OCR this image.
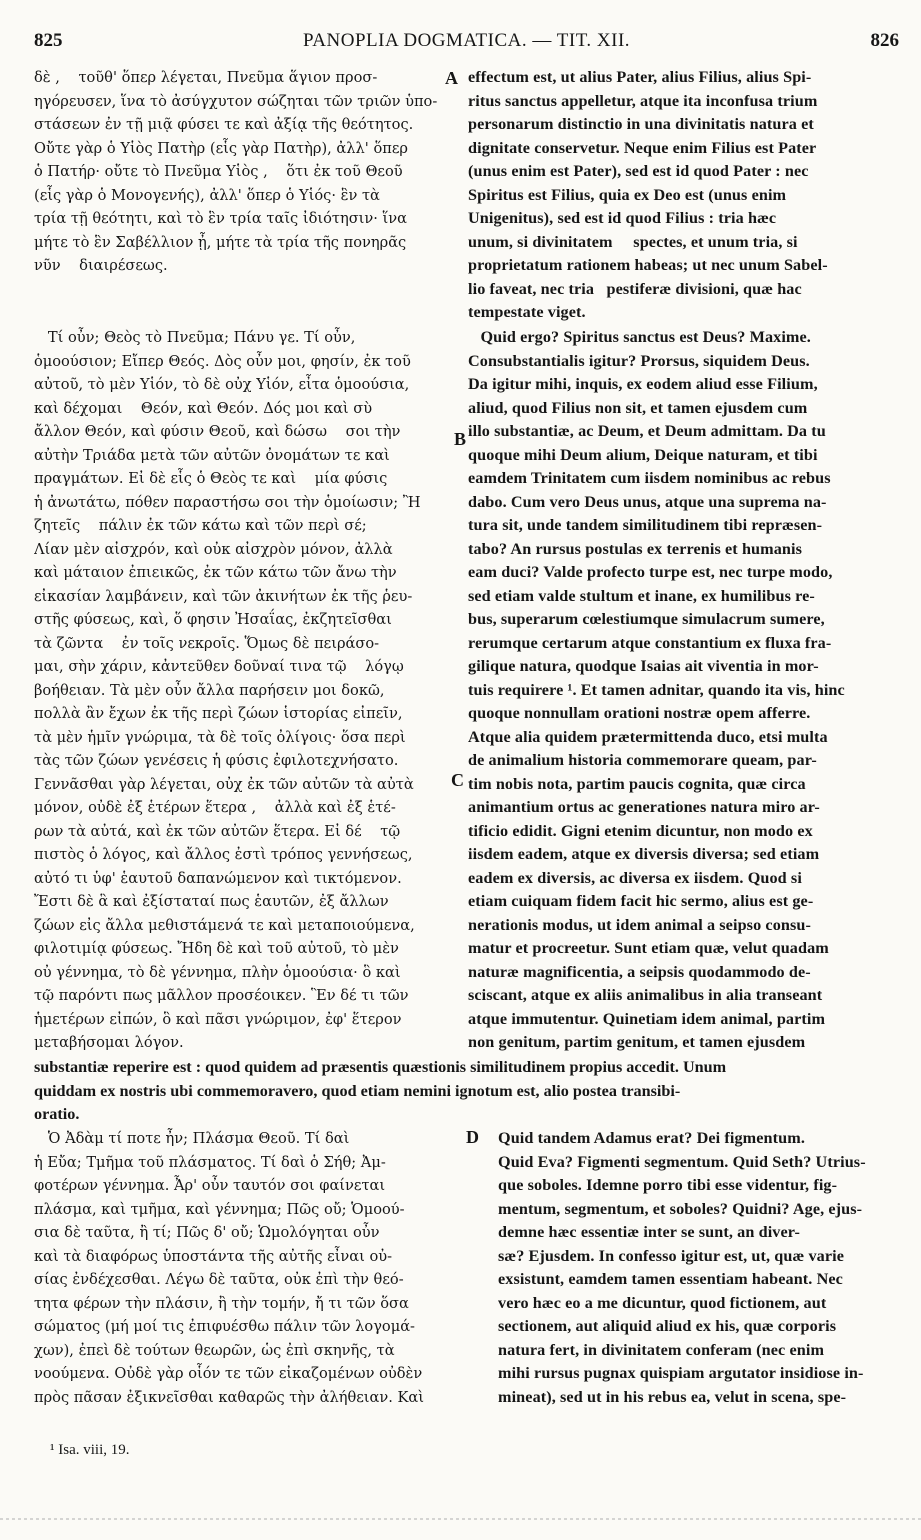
825	PANOPLIA DOGMATICA. — TIT. XII.	826
δὲ ,    τοῦθ' ὅπερ λέγεται, Πνεῦμα ἅγιον προσ-
ηγόρευσεν, ἵνα τὸ ἀσύγχυτον σώζηται τῶν τριῶν ὑπο-
στάσεων ἐν τῇ μιᾷ φύσει τε καὶ ἀξίᾳ τῆς θεότητος.
Οὔτε γὰρ ὁ Υἱὸς Πατὴρ (εἷς γὰρ Πατὴρ), ἀλλ' ὅπερ
ὁ Πατήρ· οὔτε τὸ Πνεῦμα Υἱὸς ,    ὅτι ἐκ τοῦ Θεοῦ
(εἷς γὰρ ὁ Μονογενής), ἀλλ' ὅπερ ὁ Υἱός· ἓν τὰ
τρία τῇ θεότητι, καὶ τὸ ἓν τρία ταῖς ἰδιότησιν· ἵνα
μήτε τὸ ἓν Σαβέλλιον ᾖ, μήτε τὰ τρία τῆς πονηρᾶς
νῦν    διαιρέσεως.
effectum est, ut alius Pater, alius Filius, alius Spi-
ritus sanctus appelletur, atque ita inconfusa trium
personarum distinctio in una divinitatis natura et
dignitate conservetur. Neque enim Filius est Pater
(unus enim est Pater), sed est id quod Pater : nec
Spiritus est Filius, quia ex Deo est (unus enim
Unigenitus), sed est id quod Filius : tria hæc
unum, si divinitatem     spectes, et unum tria, si
proprietatum rationem habeas; ut nec unum Sabel-
lio faveat, nec tria   pestiferæ divisioni, quæ hac
tempestate viget.
A
Τί οὖν; Θεὸς τὸ Πνεῦμα; Πάνυ γε. Τί οὖν,
ὁμοούσιον; Εἴπερ Θεός. Δὸς οὖν μοι, φησίν, ἐκ τοῦ
αὐτοῦ, τὸ μὲν Υἱόν, τὸ δὲ οὐχ Υἱόν, εἶτα ὁμοούσια,
καὶ δέχομαι    Θεόν, καὶ Θεόν. Δός μοι καὶ σὺ
ἄλλον Θεόν, καὶ φύσιν Θεοῦ, καὶ δώσω    σοι τὴν
αὐτὴν Τριάδα μετὰ τῶν αὐτῶν ὀνομάτων τε καὶ
πραγμάτων. Εἰ δὲ εἷς ὁ Θεὸς τε καὶ    μία φύσις
ἡ ἀνωτάτω, πόθεν παραστήσω σοι τὴν ὁμοίωσιν; Ἢ
ζητεῖς    πάλιν ἐκ τῶν κάτω καὶ τῶν περὶ σέ;
Λίαν μὲν αἰσχρόν, καὶ οὐκ αἰσχρὸν μόνον, ἀλλὰ
καὶ μάταιον ἐπιεικῶς, ἐκ τῶν κάτω τῶν ἄνω τὴν
εἰκασίαν λαμβάνειν, καὶ τῶν ἀκινήτων ἐκ τῆς ῥευ-
στῆς φύσεως, καὶ, ὅ φησιν Ἠσαΐας, ἐκζητεῖσθαι
τὰ ζῶντα    ἐν τοῖς νεκροῖς. Ὅμως δὲ πειράσο-
μαι, σὴν χάριν, κἀντεῦθεν δοῦναί τινα τῷ    λόγῳ
βοήθειαν. Τὰ μὲν οὖν ἄλλα παρήσειν μοι δοκῶ,
πολλὰ ἂν ἔχων ἐκ τῆς περὶ ζώων ἱστορίας εἰπεῖν,
τὰ μὲν ἡμῖν γνώριμα, τὰ δὲ τοῖς ὀλίγοις· ὅσα περὶ
τὰς τῶν ζώων γενέσεις ἡ φύσις ἐφιλοτεχνήσατο.
Γεννᾶσθαι γὰρ λέγεται, οὐχ ἐκ τῶν αὐτῶν τὰ αὐτὰ
μόνον, οὐδὲ ἐξ ἑτέρων ἕτερα ,    ἀλλὰ καὶ ἐξ ἑτέ-
ρων τὰ αὐτά, καὶ ἐκ τῶν αὐτῶν ἕτερα. Εἰ δέ    τῷ
πιστὸς ὁ λόγος, καὶ ἄλλος ἐστὶ τρόπος γεννήσεως,
αὐτό τι ὑφ' ἑαυτοῦ δαπανώμενον καὶ τικτόμενον.
Ἔστι δὲ ἃ καὶ ἐξίσταταί πως ἑαυτῶν, ἐξ ἄλλων
ζώων εἰς ἄλλα μεθιστάμενά τε καὶ μεταποιούμενα,
φιλοτιμίᾳ φύσεως. Ἤδη δὲ καὶ τοῦ αὐτοῦ, τὸ μὲν
οὐ γέννημα, τὸ δὲ γέννημα, πλὴν ὁμοούσια· ὃ καὶ
τῷ παρόντι πως μᾶλλον προσέοικεν. Ἓν δέ τι τῶν
ἡμετέρων εἰπών, ὃ καὶ πᾶσι γνώριμον, ἐφ' ἕτερον
μεταβήσομαι λόγον.
Quid ergo? Spiritus sanctus est Deus? Maxime.
Consubstantialis igitur? Prorsus, siquidem Deus.
Da igitur mihi, inquis, ex eodem aliud esse Filium,
aliud, quod Filius non sit, et tamen ejusdem cum
illo substantiæ, ac Deum, et Deum admittam. Da tu
quoque mihi Deum alium, Deique naturam, et tibi
eamdem Trinitatem cum iisdem nominibus ac rebus
dabo. Cum vero Deus unus, atque una suprema na-
tura sit, unde tandem similitudinem tibi repræsen-
tabo? An rursus postulas ex terrenis et humanis
eam duci? Valde profecto turpe est, nec turpe modo,
sed etiam valde stultum et inane, ex humilibus re-
bus, superarum cœlestiumque simulacrum sumere,
rerumque certarum atque constantium ex fluxa fra-
gilique natura, quodque Isaias ait viventia in mor-
tuis requirere ¹. Et tamen adnitar, quando ita vis, hinc
quoque nonnullam orationi nostræ opem afferre.
Atque alia quidem prætermittenda duco, etsi multa
de animalium historia commemorare queam, par-
tim nobis nota, partim paucis cognita, quæ circa
animantium ortus ac generationes natura miro ar-
tificio edidit. Gigni etenim dicuntur, non modo ex
iisdem eadem, atque ex diversis diversa; sed etiam
eadem ex diversis, ac diversa ex iisdem. Quod si
etiam cuiquam fidem facit hic sermo, alius est ge-
nerationis modus, ut idem animal a seipso consu-
matur et procreetur. Sunt etiam quæ, velut quadam
naturæ magnificentia, a seipsis quodammodo de-
sciscant, atque ex aliis animalibus in alia transeant
atque immutentur. Quinetiam idem animal, partim
non genitum, partim genitum, et tamen ejusdem
B
C
substantiæ reperire est : quod quidem ad præsentis quæstionis similitudinem propius accedit. Unum
quiddam ex nostris ubi commemoravero, quod etiam nemini ignotum est, alio postea transibi-
oratio.
Ὁ Ἀδὰμ τί ποτε ἦν; Πλάσμα Θεοῦ. Τί δαὶ
ἡ Εὔα; Τμῆμα τοῦ πλάσματος. Τί δαὶ ὁ Σήθ; Ἀμ-
φοτέρων γέννημα. Ἆρ' οὖν ταυτόν σοι φαίνεται
πλάσμα, καὶ τμῆμα, καὶ γέννημα; Πῶς οὔ; Ὁμοού-
σια δὲ ταῦτα, ἢ τί; Πῶς δ' οὔ; Ὡμολόγηται οὖν
καὶ τὰ διαφόρως ὑποστάντα τῆς αὐτῆς εἶναι οὐ-
σίας ἐνδέχεσθαι. Λέγω δὲ ταῦτα, οὐκ ἐπὶ τὴν θεό-
τητα φέρων τὴν πλάσιν, ἢ τὴν τομήν, ἤ τι τῶν ὅσα
σώματος (μή μοί τις ἐπιφυέσθω πάλιν τῶν λογομά-
χων), ἐπεὶ δὲ τούτων θεωρῶν, ὡς ἐπὶ σκηνῆς, τὰ
νοούμενα. Οὐδὲ γὰρ οἷόν τε τῶν εἰκαζομένων οὐδὲν
πρὸς πᾶσαν ἐξικνεῖσθαι καθαρῶς τὴν ἀλήθειαν. Καὶ
D Quid tandem Adamus erat? Dei figmentum.
Quid Eva? Figmenti segmentum. Quid Seth? Utrius-
que soboles. Idemne porro tibi esse videntur, fig-
mentum, segmentum, et soboles? Quidni? Age, ejus-
demne hæc essentiæ inter se sunt, an diver-
sæ? Ejusdem. In confesso igitur est, ut, quæ varie
exsistunt, eamdem tamen essentiam habeant. Nec
vero hæc eo a me dicuntur, quod fictionem, aut
sectionem, aut aliquid aliud ex his, quæ corporis
natura fert, in divinitatem conferam (nec enim
mihi rursus pugnax quispiam argutator insidiose in-
mineat), sed ut in his rebus ea, velut in scena, spe-
¹ Isa. viii, 19.
